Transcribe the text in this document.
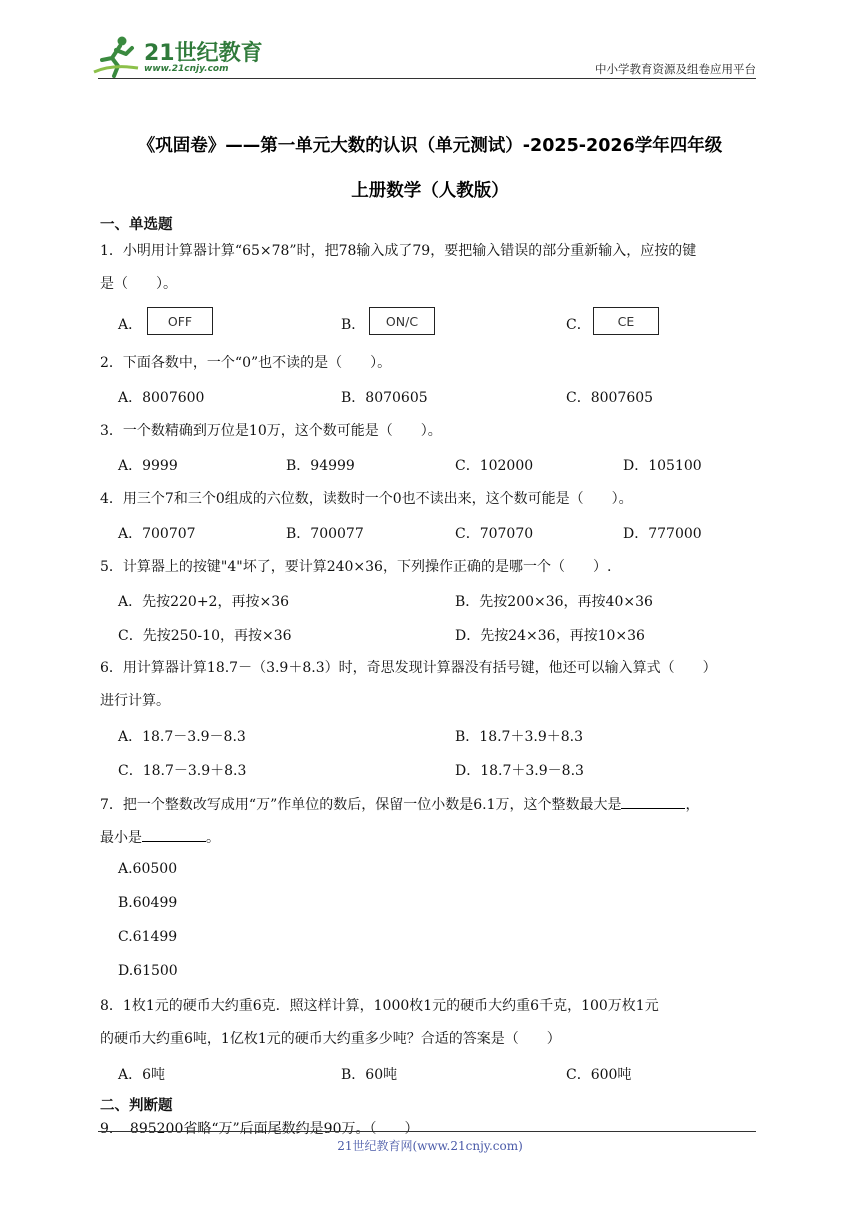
21世纪教育
www.21cnjy.com	中小学教育资源及组卷应用平台
《巩固卷》——第一单元大数的认识（单元测试）-2025-2026学年四年级
上册数学（人教版）
一、单选题
1．小明用计算器计算“65×78”时，把78输入成了79，要把输入错误的部分重新输入，应按的键
是（　　）。
A．	OFF	B．	ON/C	C．	CE
2．下面各数中，一个“0”也不读的是（　　）。
A．8007600	B．8070605	C．8007605
3．一个数精确到万位是10万，这个数可能是（　　）。
A．9999	B．94999	C．102000	D．105100
4．用三个7和三个0组成的六位数，读数时一个0也不读出来，这个数可能是（　　）。
A．700707	B．700077	C．707070	D．777000
5．计算器上的按键"4"坏了，要计算240×36，下列操作正确的是哪一个（　　）.
A．先按220+2，再按×36	B．先按200×36，再按40×36
C．先按250-10，再按×36	D．先按24×36，再按10×36
6．用计算器计算18.7－（3.9＋8.3）时，奇思发现计算器没有括号键，他还可以输入算式（　　）
进行计算。
A．18.7－3.9－8.3	B．18.7＋3.9＋8.3
C．18.7－3.9＋8.3	D．18.7＋3.9－8.3
7．把一个整数改写成用“万”作单位的数后，保留一位小数是6.1万，这个整数最大是	，
最小是	。
A.60500
B.60499
C.61499
D.61500
8．1枚1元的硬币大约重6克．照这样计算，1000枚1元的硬币大约重6千克，100万枚1元
的硬币大约重6吨，1亿枚1元的硬币大约重多少吨？合适的答案是（　　）
A．6吨	B．60吨	C．600吨
二、判断题
9．　895200省略“万”后面尾数约是90万。（　　）
21世纪教育网(www.21cnjy.com)
